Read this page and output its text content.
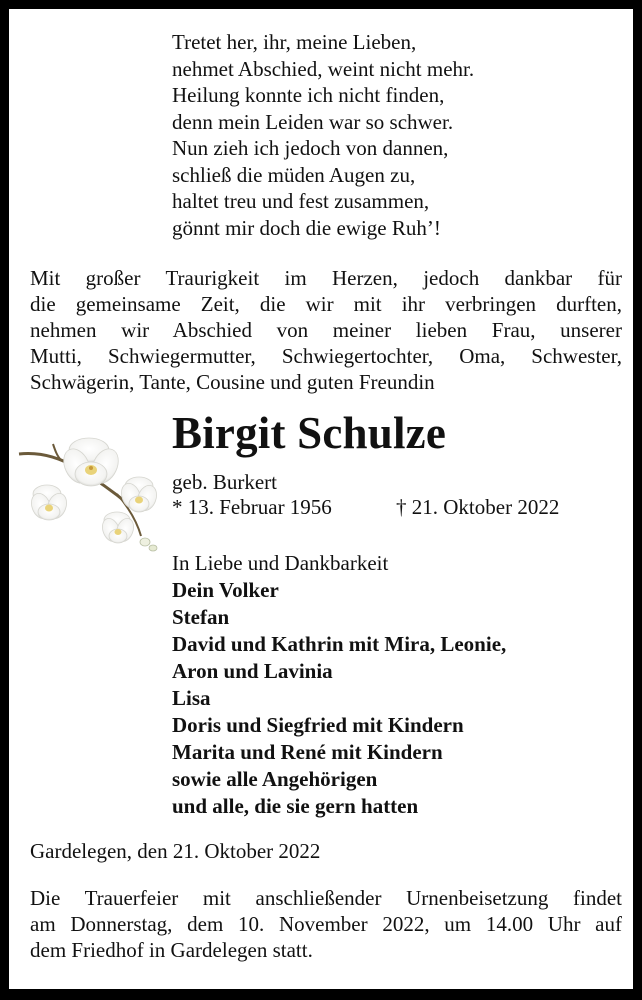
Tretet her, ihr, meine Lieben,
nehmet Abschied, weint nicht mehr.
Heilung konnte ich nicht finden,
denn mein Leiden war so schwer.
Nun zieh ich jedoch von dannen,
schließ die müden Augen zu,
haltet treu und fest zusammen,
gönnt mir doch die ewige Ruh’!
Mit großer Traurigkeit im Herzen, jedoch dankbar für
die gemeinsame Zeit, die wir mit ihr verbringen durften,
nehmen wir Abschied von meiner lieben Frau, unserer
Mutti, Schwiegermutter, Schwiegertochter, Oma, Schwester,
Schwägerin, Tante, Cousine und guten Freundin
Birgit Schulze
geb. Burkert
* 13. Februar 1956	† 21. Oktober 2022
In Liebe und Dankbarkeit
Dein Volker
Stefan
David und Kathrin mit Mira, Leonie,
Aron und Lavinia
Lisa
Doris und Siegfried mit Kindern
Marita und René mit Kindern
sowie alle Angehörigen
und alle, die sie gern hatten
Gardelegen, den 21. Oktober 2022
Die Trauerfeier mit anschließender Urnenbeisetzung findet
am Donnerstag, dem 10. November 2022, um 14.00 Uhr auf
dem Friedhof in Gardelegen statt.
